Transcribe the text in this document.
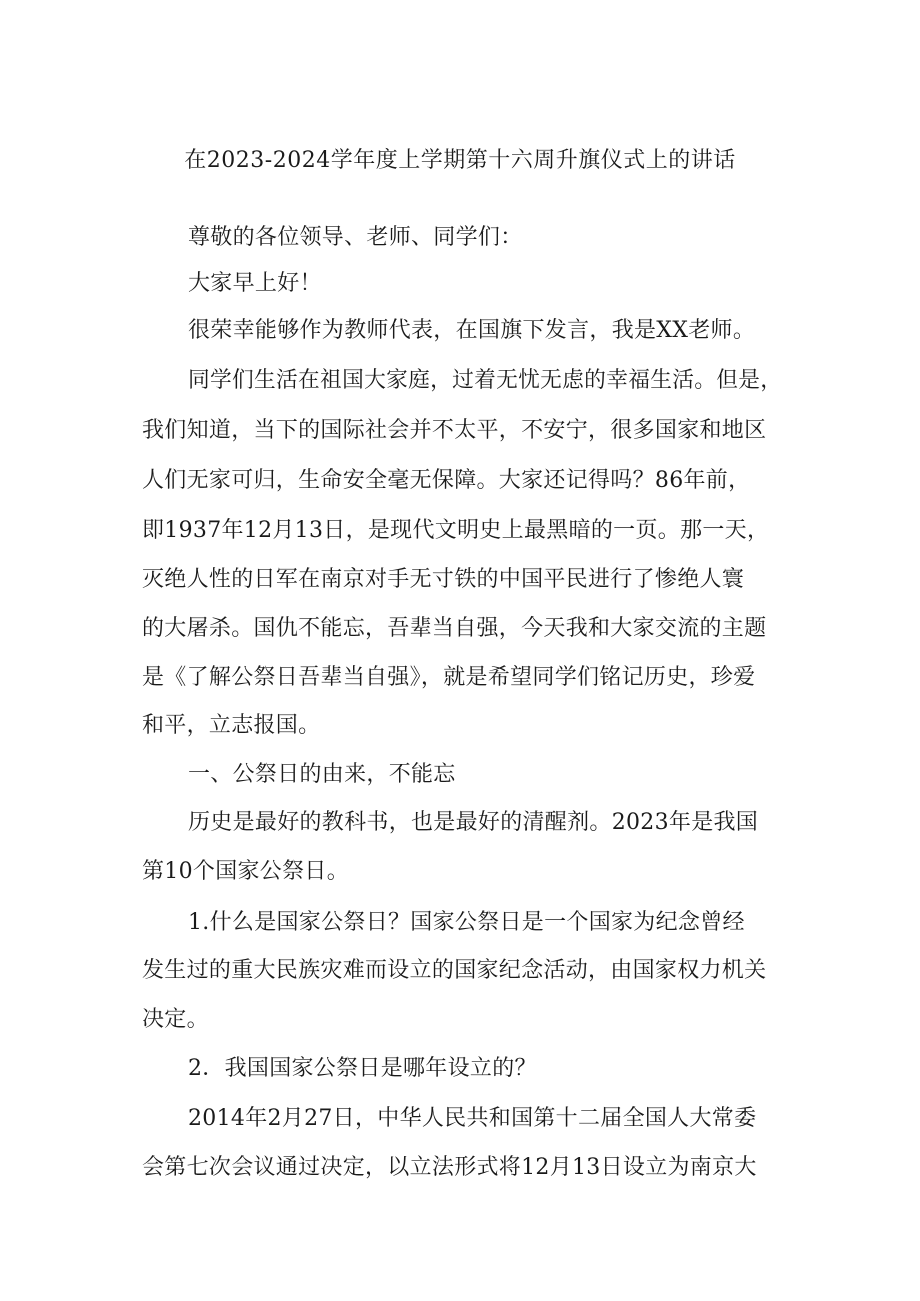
在2023-2024学年度上学期第十六周升旗仪式上的讲话
尊敬的各位领导、老师、同学们：
大家早上好！
很荣幸能够作为教师代表，在国旗下发言，我是XX老师。
同学们生活在祖国大家庭，过着无忧无虑的幸福生活。但是，
我们知道，当下的国际社会并不太平，不安宁，很多国家和地区
人们无家可归，生命安全毫无保障。大家还记得吗？86年前，
即1937年12月13日，是现代文明史上最黑暗的一页。那一天，
灭绝人性的日军在南京对手无寸铁的中国平民进行了惨绝人寰
的大屠杀。国仇不能忘，吾辈当自强，今天我和大家交流的主题
是《了解公祭日吾辈当自强》，就是希望同学们铭记历史，珍爱
和平，立志报国。
一、公祭日的由来，不能忘
历史是最好的教科书，也是最好的清醒剂。2023年是我国
第10个国家公祭日。
1.什么是国家公祭日？国家公祭日是一个国家为纪念曾经
发生过的重大民族灾难而设立的国家纪念活动，由国家权力机关
决定。
2．我国国家公祭日是哪年设立的？
2014年2月27日，中华人民共和国第十二届全国人大常委
会第七次会议通过决定，以立法形式将12月13日设立为南京大
